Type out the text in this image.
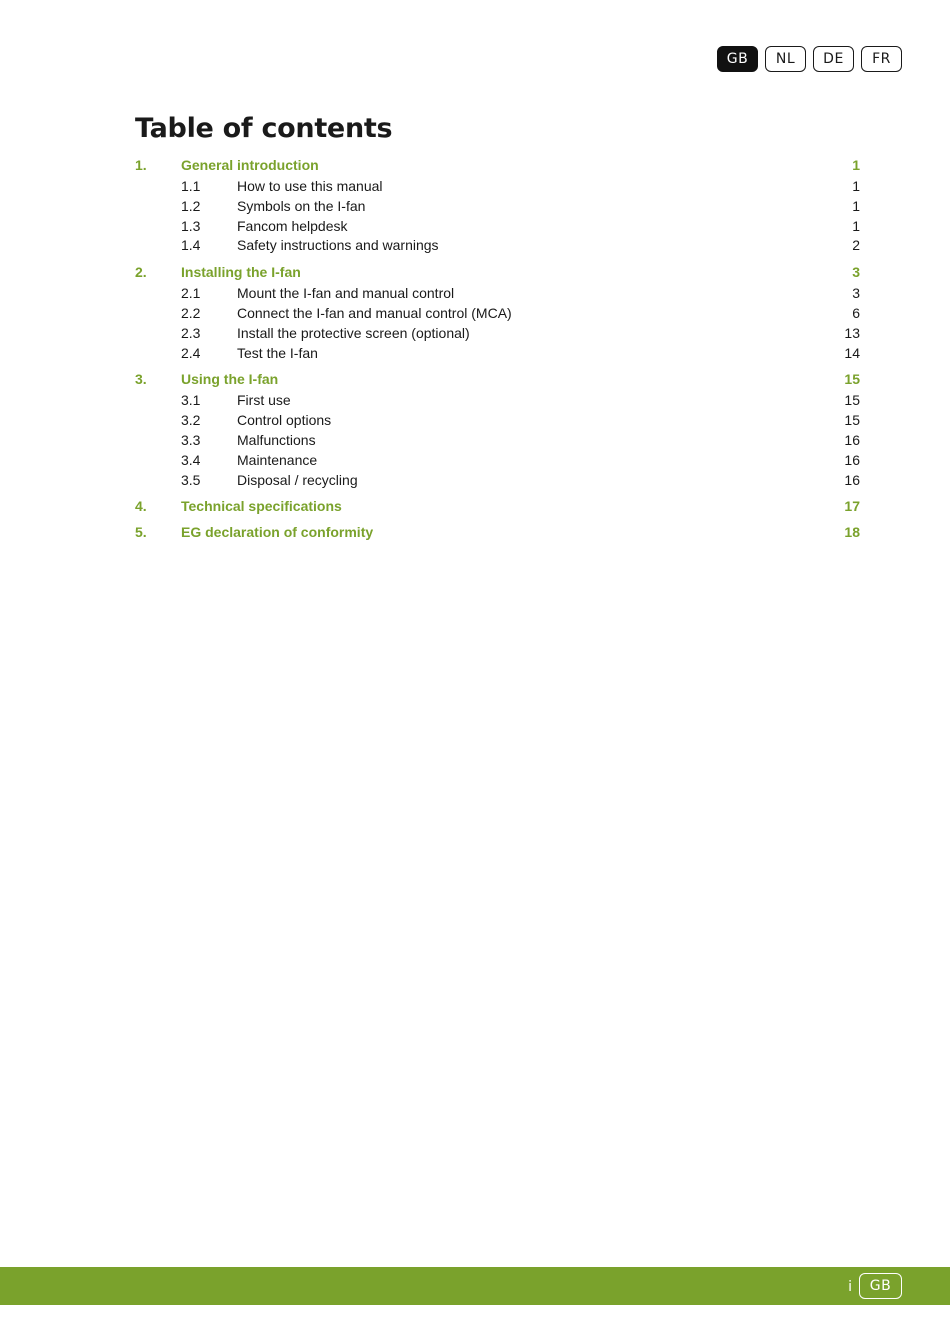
GB	NL	DE	FR
Table of contents
1.	General introduction	1
1.1	How to use this manual	1
1.2	Symbols on the I-fan	1
1.3	Fancom helpdesk	1
1.4	Safety instructions and warnings	2
2.	Installing the I-fan	3
2.1	Mount the I-fan and manual control	3
2.2	Connect the I-fan and manual control (MCA)	6
2.3	Install the protective screen (optional)	13
2.4	Test the I-fan	14
3.	Using the I-fan	15
3.1	First use	15
3.2	Control options	15
3.3	Malfunctions	16
3.4	Maintenance	16
3.5	Disposal / recycling	16
4.	Technical specifications	17
5.	EG declaration of conformity	18
i	GB
